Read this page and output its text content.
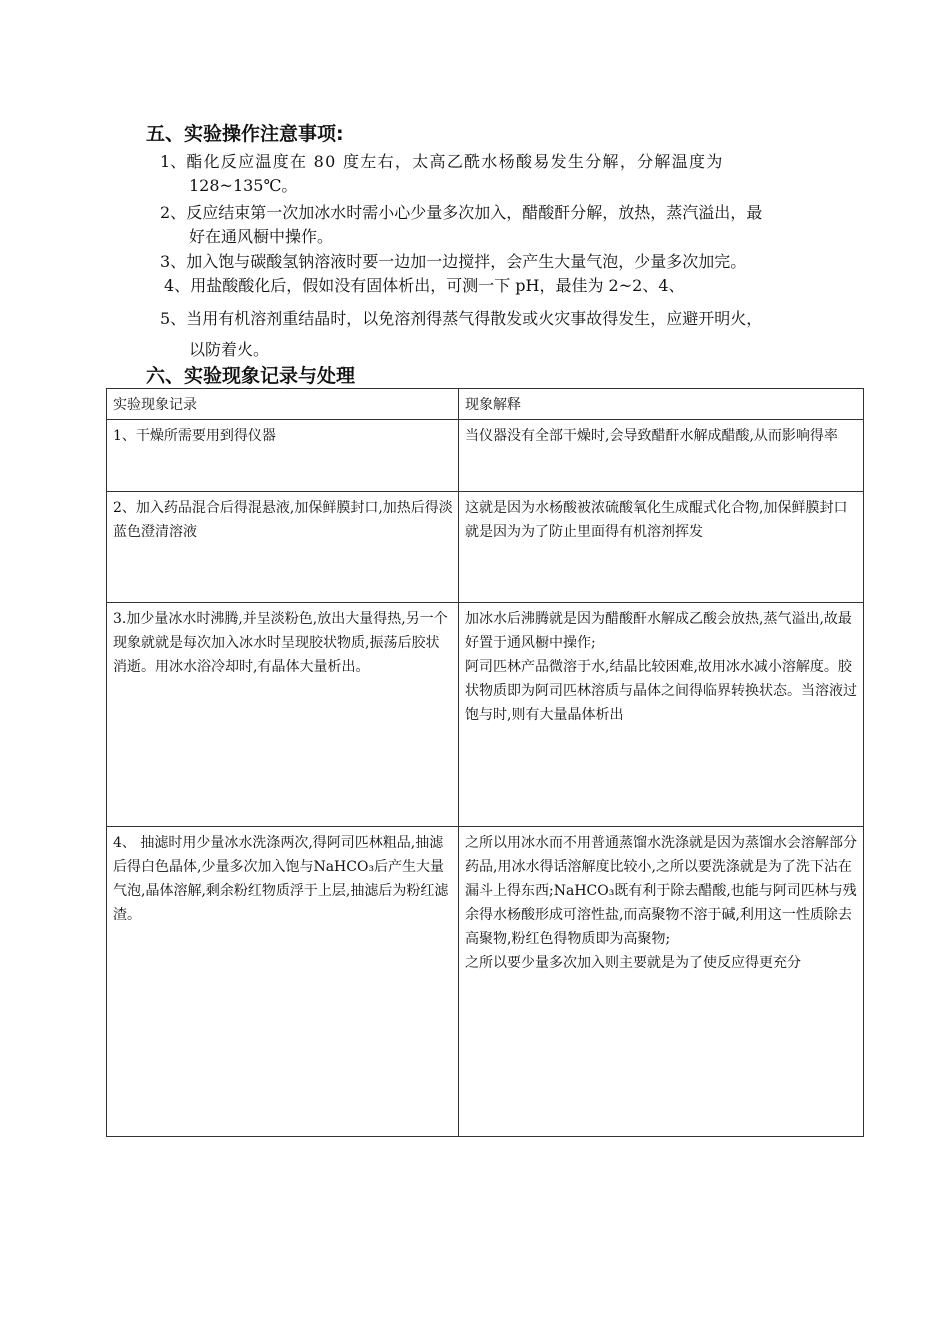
五、实验操作注意事项:
1、酯化反应温度在 80 度左右，太高乙酰水杨酸易发生分解，分解温度为
128~135℃。
2、反应结束第一次加冰水时需小心少量多次加入，醋酸酐分解，放热，蒸汽溢出，最
好在通风橱中操作。
3、加入饱与碳酸氢钠溶液时要一边加一边搅拌，会产生大量气泡，少量多次加完。
4、用盐酸酸化后，假如没有固体析出，可测一下 pH，最佳为 2~2、4、
5、当用有机溶剂重结晶时，以免溶剂得蒸气得散发或火灾事故得发生，应避开明火，
以防着火。
六、实验现象记录与处理
实验现象记录	现象解释
1、干燥所需要用到得仪器	当仪器没有全部干燥时,会导致醋酐水解成醋酸,从而影响得率
2、加入药品混合后得混悬液,加保鲜膜封口,加热后得淡蓝色澄清溶液	这就是因为水杨酸被浓硫酸氧化生成醌式化合物,加保鲜膜封口就是因为为了防止里面得有机溶剂挥发
3.加少量冰水时沸腾,并呈淡粉色,放出大量得热,另一个现象就就是每次加入冰水时呈现胶状物质,振荡后胶状消逝。用冰水浴冷却时,有晶体大量析出。	加冰水后沸腾就是因为醋酸酐水解成乙酸会放热,蒸气溢出,故最好置于通风橱中操作;
阿司匹林产品微溶于水,结晶比较困难,故用冰水减小溶解度。胶状物质即为阿司匹林溶质与晶体之间得临界转换状态。当溶液过饱与时,则有大量晶体析出
4、 抽滤时用少量冰水洗涤两次,得阿司匹林粗品,抽滤后得白色晶体,少量多次加入饱与NaHCO₃后产生大量气泡,晶体溶解,剩余粉红物质浮于上层,抽滤后为粉红滤渣。	之所以用冰水而不用普通蒸馏水洗涤就是因为蒸馏水会溶解部分药品,用冰水得话溶解度比较小,之所以要洗涤就是为了洗下沾在漏斗上得东西;NaHCO₃既有利于除去醋酸,也能与阿司匹林与残余得水杨酸形成可溶性盐,而高聚物不溶于碱,利用这一性质除去高聚物,粉红色得物质即为高聚物;
之所以要少量多次加入则主要就是为了使反应得更充分
